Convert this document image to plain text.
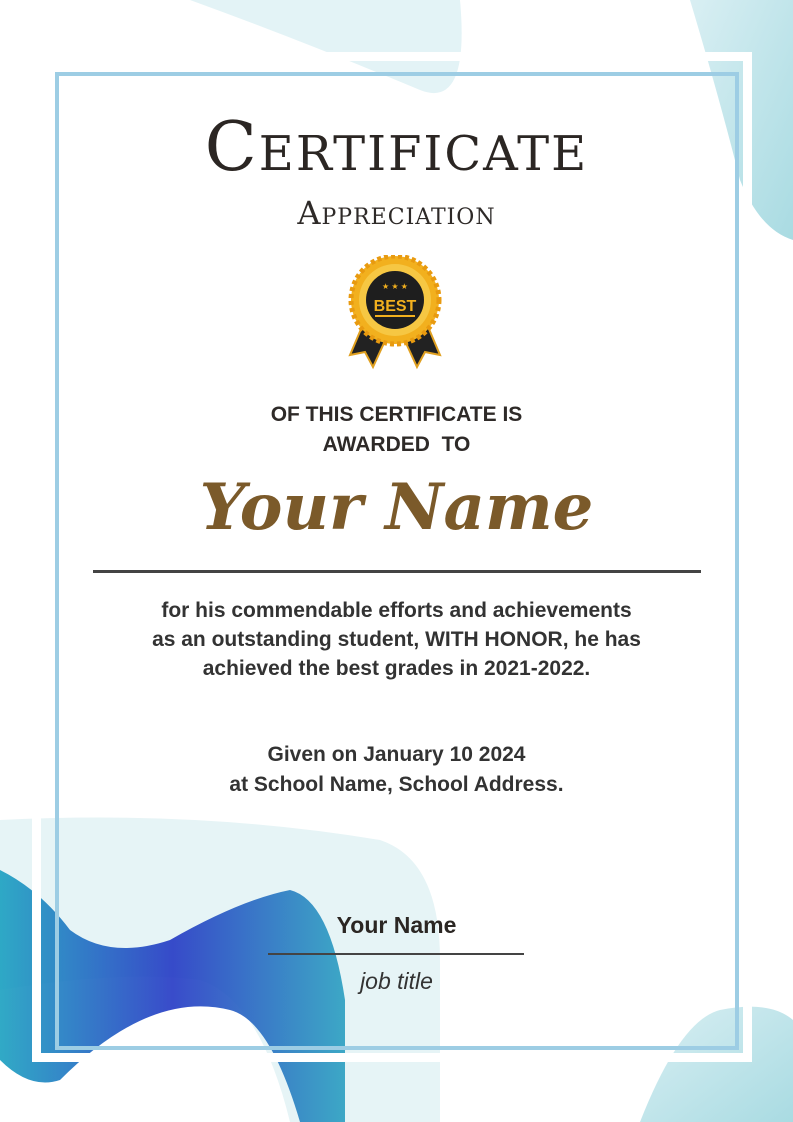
Certificate
Appreciation
★ ★ ★
BEST
OF THIS CERTIFICATE IS
AWARDED  TO
Your Name
for his commendable efforts and achievements
as an outstanding student, WITH HONOR, he has
achieved the best grades in 2021-2022.
Given on January 10 2024
at School Name, School Address.
Your Name
job title
